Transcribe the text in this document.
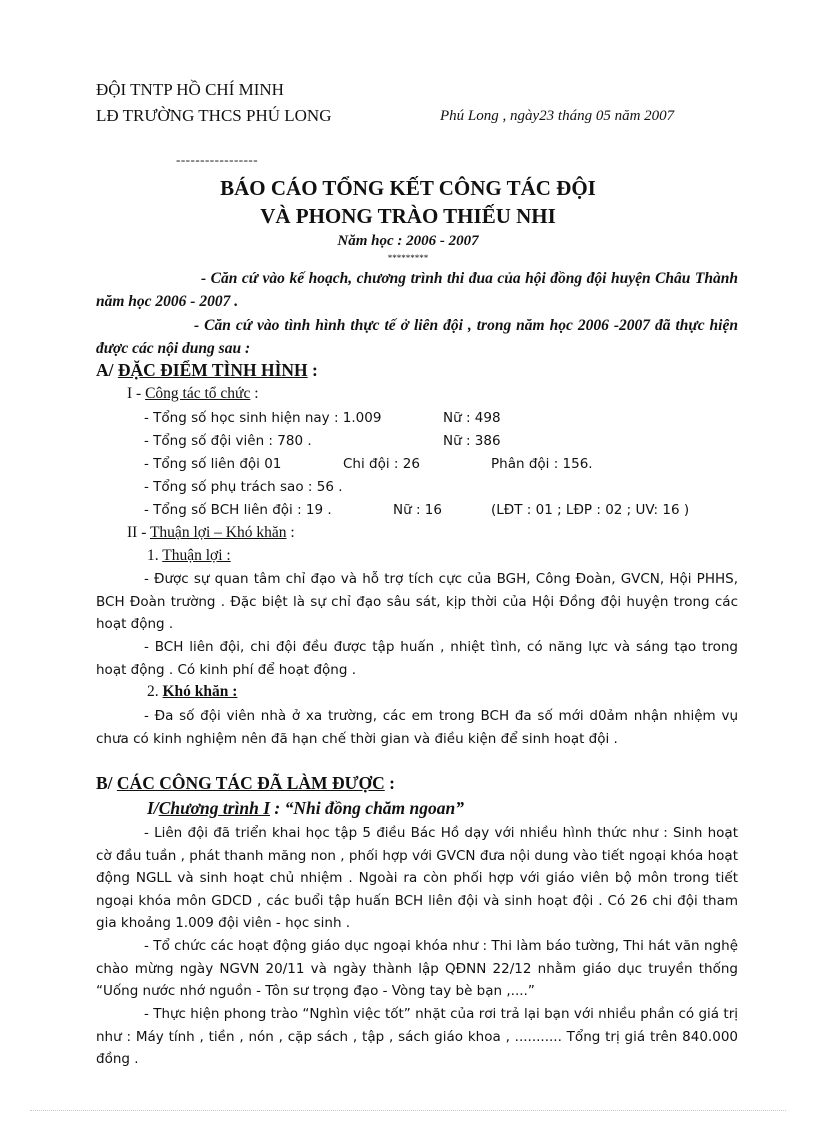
ĐỘI TNTP HỒ CHÍ MINH
LĐ TRƯỜNG THCS PHÚ LONG	Phú Long , ngày23 tháng 05 năm 2007
-----------------
BÁO CÁO TỔNG KẾT CÔNG TÁC ĐỘI
VÀ PHONG TRÀO THIẾU NHI
Năm học : 2006 - 2007
*********
- Căn cứ vào kế hoạch, chương trình thi đua của hội đồng đội huyện Châu Thành năm học 2006 - 2007 .
- Căn cứ vào tình hình thực tế ở liên đội , trong năm học 2006 -2007 đã thực hiện được các nội dung sau :
A/ ĐẶC ĐIỂM TÌNH HÌNH :
I - Công tác tổ chức :
- Tổng số học sinh hiện nay : 1.009	Nữ : 498
- Tổng số đội viên : 780 .	Nữ : 386
- Tổng số liên đội 01	Chi đội : 26	Phân đội : 156.
- Tổng số phụ trách sao : 56 .
- Tổng số BCH liên đội : 19 .	Nữ : 16	(LĐT : 01 ; LĐP : 02 ; UV: 16 )
II - Thuận lợi – Khó khăn :
1. Thuận lợi :
- Được sự quan tâm chỉ đạo và hỗ trợ tích cực của BGH, Công Đoàn, GVCN, Hội PHHS, BCH Đoàn trường . Đặc biệt là sự chỉ đạo sâu sát, kịp thời của Hội Đồng đội huyện trong các hoạt động .
- BCH liên đội, chi đội đều được tập huấn , nhiệt tình, có năng lực và sáng tạo trong hoạt động . Có kinh phí để hoạt động .
2. Khó khăn :
- Đa số đội viên nhà ở xa trường, các em trong BCH đa số mới d0ảm nhận nhiệm vụ chưa có kinh nghiệm nên đã hạn chế thời gian và điều kiện để sinh hoạt đội .
B/ CÁC CÔNG TÁC ĐÃ LÀM ĐƯỢC :
I/Chương trình I : “Nhi đồng chăm ngoan”
- Liên đội đã triển khai học tập 5 điều Bác Hồ dạy với nhiều hình thức như : Sinh hoạt cờ đầu tuần , phát thanh măng non , phối hợp với GVCN đưa nội dung vào tiết ngoại khóa hoạt động NGLL và sinh hoạt chủ nhiệm . Ngoài ra còn phối hợp với giáo viên bộ môn trong tiết ngoại khóa môn GDCD , các buổi tập huấn BCH liên đội và sinh hoạt đội . Có 26 chi đội tham gia khoảng 1.009 đội viên - học sinh .
- Tổ chức các hoạt động giáo dục ngoại khóa như : Thi làm báo tường, Thi hát văn nghệ chào mừng ngày NGVN 20/11 và ngày thành lập QĐNN 22/12 nhằm giáo dục truyền thống “Uống nước nhớ nguồn - Tôn sư trọng đạo - Vòng tay bè bạn ,....”
- Thực hiện phong trào “Nghìn việc tốt” nhặt của rơi trả lại bạn với nhiều phần có giá trị như : Máy tính , tiền , nón , cặp sách , tập , sách giáo khoa , ........... Tổng trị giá trên 840.000 đồng .
